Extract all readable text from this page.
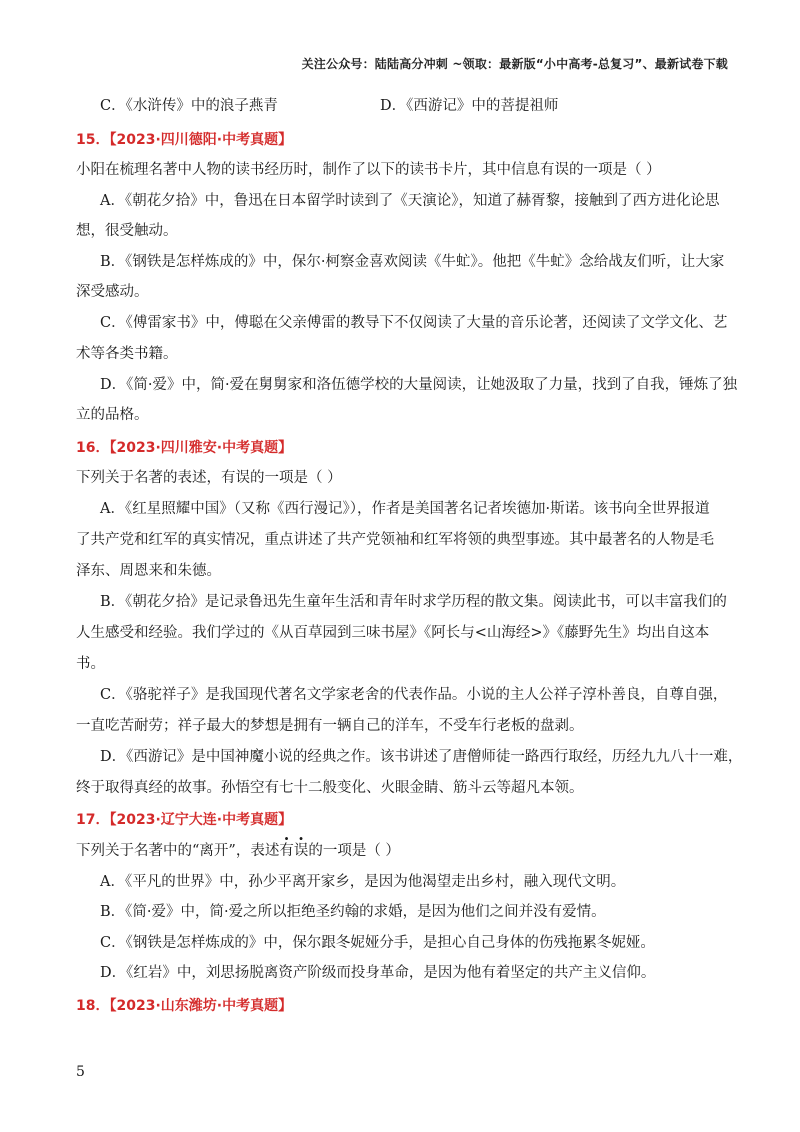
关注公众号：陆陆高分冲刺 ~领取：最新版“小中高考-总复习”、最新试卷下载
C．《水浒传》中的浪子燕青	D．《西游记》中的菩提祖师
15．【2023·四川德阳·中考真题】
小阳在梳理名著中人物的读书经历时，制作了以下的读书卡片，其中信息有误的一项是（ ）
A．《朝花夕拾》中，鲁迅在日本留学时读到了《天演论》，知道了赫胥黎，接触到了西方进化论思
想，很受触动。
B．《钢铁是怎样炼成的》中，保尔·柯察金喜欢阅读《牛虻》。他把《牛虻》念给战友们听，让大家
深受感动。
C．《傅雷家书》中，傅聪在父亲傅雷的教导下不仅阅读了大量的音乐论著，还阅读了文学文化、艺
术等各类书籍。
D．《简·爱》中，简·爱在舅舅家和洛伍德学校的大量阅读，让她汲取了力量，找到了自我，锤炼了独
立的品格。
16．【2023·四川雅安·中考真题】
下列关于名著的表述，有误的一项是（ ）
A．《红星照耀中国》（又称《西行漫记》），作者是美国著名记者埃德加·斯诺。该书向全世界报道
了共产党和红军的真实情况，重点讲述了共产党领袖和红军将领的典型事迹。其中最著名的人物是毛
泽东、周恩来和朱德。
B．《朝花夕拾》是记录鲁迅先生童年生活和青年时求学历程的散文集。阅读此书，可以丰富我们的
人生感受和经验。我们学过的《从百草园到三味书屋》《阿长与<山海经>》《藤野先生》均出自这本
书。
C．《骆驼祥子》是我国现代著名文学家老舍的代表作品。小说的主人公祥子淳朴善良，自尊自强，
一直吃苦耐劳；祥子最大的梦想是拥有一辆自己的洋车，不受车行老板的盘剥。
D．《西游记》是中国神魔小说的经典之作。该书讲述了唐僧师徒一路西行取经，历经九九八十一难，
终于取得真经的故事。孙悟空有七十二般变化、火眼金睛、筋斗云等超凡本领。
17．【2023·辽宁大连·中考真题】
下列关于名著中的“离开”，表述有误的一项是（ ）
A．《平凡的世界》中，孙少平离开家乡，是因为他渴望走出乡村，融入现代文明。
B．《简·爱》中，简·爱之所以拒绝圣约翰的求婚，是因为他们之间并没有爱情。
C．《钢铁是怎样炼成的》中，保尔跟冬妮娅分手，是担心自己身体的伤残拖累冬妮娅。
D．《红岩》中，刘思扬脱离资产阶级而投身革命，是因为他有着坚定的共产主义信仰。
18．【2023·山东潍坊·中考真题】
5
